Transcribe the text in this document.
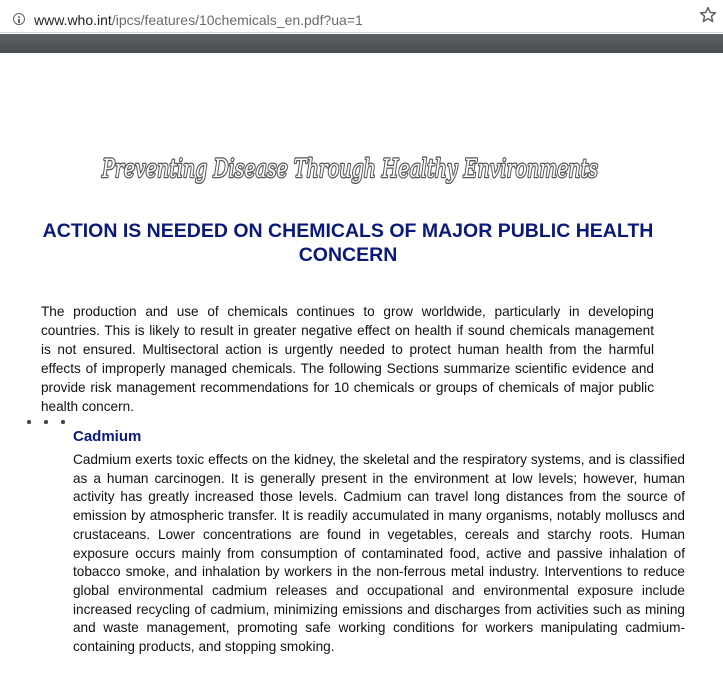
www.who.int/ipcs/features/10chemicals_en.pdf?ua=1
Preventing Disease Through Healthy Environments
ACTION IS NEEDED ON CHEMICALS OF MAJOR PUBLIC HEALTH CONCERN

The production and use of chemicals continues to grow worldwide, particularly in developing countries. This is likely to result in greater negative effect on health if sound chemicals management is not ensured. Multisectoral action is urgently needed to protect human health from the harmful effects of improperly managed chemicals. The following Sections summarize scientific evidence and provide risk management recommendations for 10 chemicals or groups of chemicals of major public health concern.

Cadmium

Cadmium exerts toxic effects on the kidney, the skeletal and the respiratory systems, and is classified as a human carcinogen. It is generally present in the environment at low levels; however, human activity has greatly increased those levels. Cadmium can travel long distances from the source of emission by atmospheric transfer. It is readily accumulated in many organisms, notably molluscs and crustaceans. Lower concentrations are found in vegetables, cereals and starchy roots. Human exposure occurs mainly from consumption of contaminated food, active and passive inhalation of tobacco smoke, and inhalation by workers in the non-ferrous metal industry. Interventions to reduce global environmental cadmium releases and occupational and environmental exposure include increased recycling of cadmium, minimizing emissions and discharges from activities such as mining and waste management, promoting safe working conditions for workers manipulating cadmium-containing products, and stopping smoking.
